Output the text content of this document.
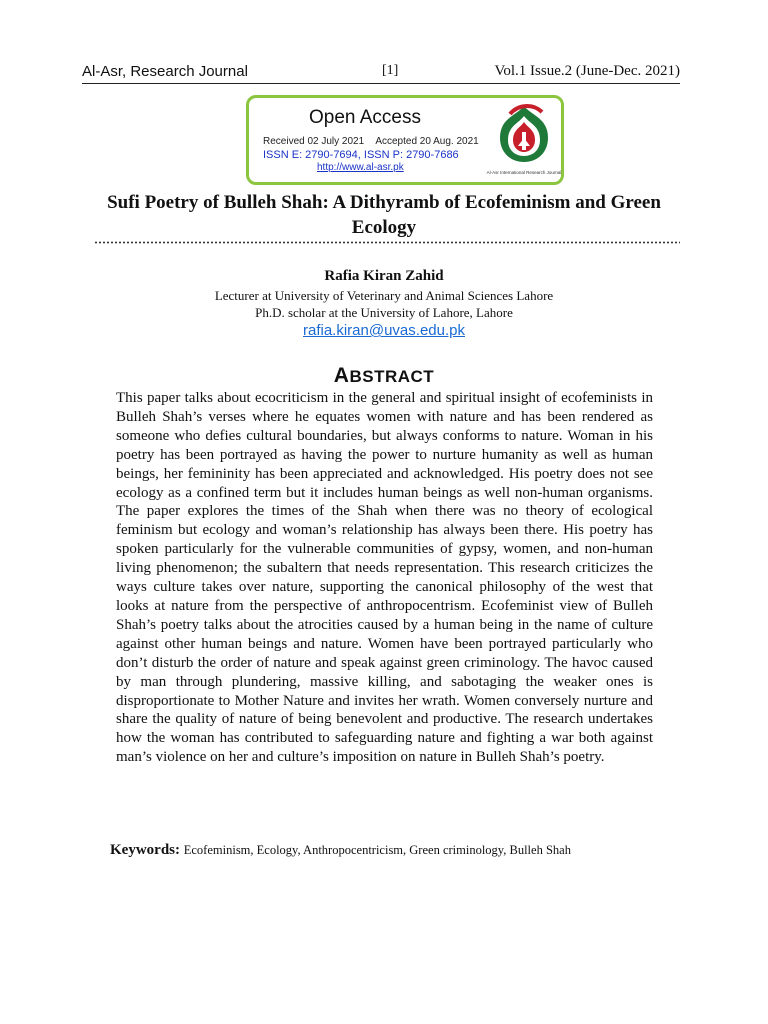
Al-Asr, Research Journal	[1]	Vol.1 Issue.2 (June-Dec. 2021)
Open Access
Received 02 July 2021 Accepted 20 Aug. 2021
ISSN E: 2790-7694, ISSN P: 2790-7686
http://www.al-asr.pk	Al-Asr International Research Journal
Sufi Poetry of Bulleh Shah: A Dithyramb of Ecofeminism and Green Ecology
Rafia Kiran Zahid
Lecturer at University of Veterinary and Animal Sciences Lahore
Ph.D. scholar at the University of Lahore, Lahore
rafia.kiran@uvas.edu.pk
ABSTRACT

This paper talks about ecocriticism in the general and spiritual insight of ecofeminists in Bulleh Shah’s verses where he equates women with nature and has been rendered as someone who defies cultural boundaries, but always conforms to nature. Woman in his poetry has been portrayed as having the power to nurture humanity as well as human beings, her femininity has been appreciated and acknowledged. His poetry does not see ecology as a confined term but it includes human beings as well non-human organisms. The paper explores the times of the Shah when there was no theory of ecological feminism but ecology and woman’s relationship has always been there. His poetry has spoken particularly for the vulnerable communities of gypsy, women, and non-human living phenomenon; the subaltern that needs representation. This research criticizes the ways culture takes over nature, supporting the canonical philosophy of the west that looks at nature from the perspective of anthropocentrism. Ecofeminist view of Bulleh Shah’s poetry talks about the atrocities caused by a human being in the name of culture against other human beings and nature. Women have been portrayed particularly who don’t disturb the order of nature and speak against green criminology. The havoc caused by man through plundering, massive killing, and sabotaging the weaker ones is disproportionate to Mother Nature and invites her wrath. Women conversely nurture and share the quality of nature of being benevolent and productive. The research undertakes how the woman has contributed to safeguarding nature and fighting a war both against man’s violence on her and culture’s imposition on nature in Bulleh Shah’s poetry.

Keywords: Ecofeminism, Ecology, Anthropocentricism, Green criminology, Bulleh Shah
